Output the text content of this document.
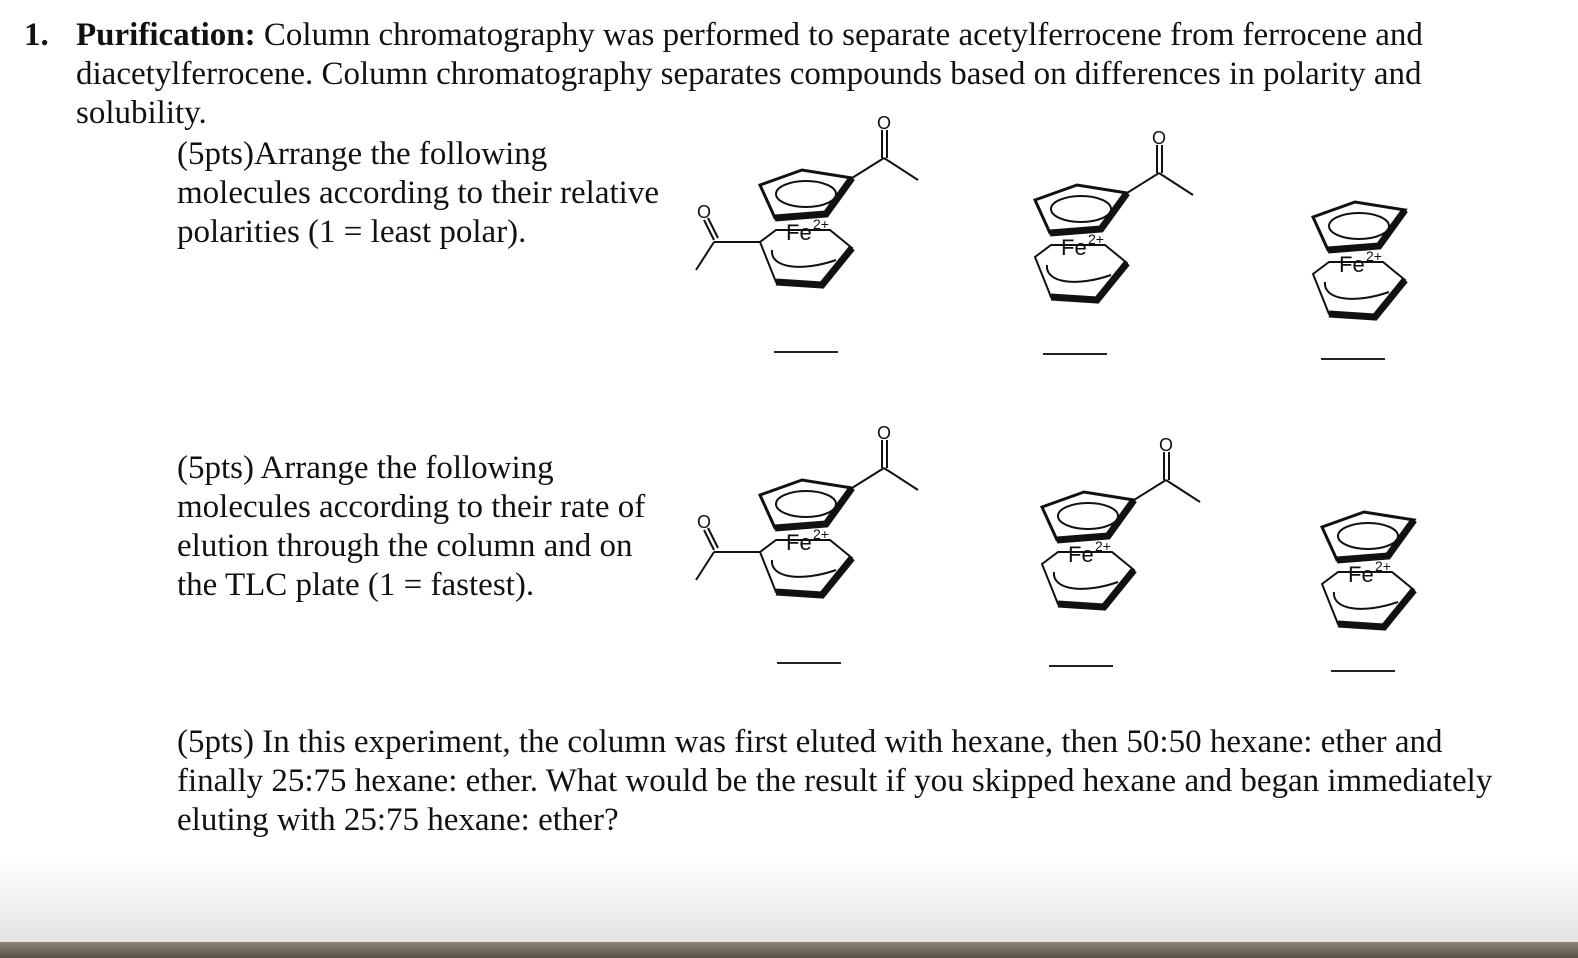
1. Purification: Column chromatography was performed to separate acetylferrocene from ferrocene and diacetylferrocene. Column chromatography separates compounds based on differences in polarity and solubility.
(5pts)Arrange the following molecules according to their relative polarities (1 = least polar).
(5pts) Arrange the following molecules according to their rate of elution through the column and on the TLC plate (1 = fastest).
(5pts) In this experiment, the column was first eluted with hexane, then 50:50 hexane: ether and finally 25:75 hexane: ether. What would be the result if you skipped hexane and began immediately eluting with 25:75 hexane: ether?
O
Fe 2+
O
O
Fe 2+
Fe 2+
O
Fe 2+
O
O
Fe 2+
Fe 2+
